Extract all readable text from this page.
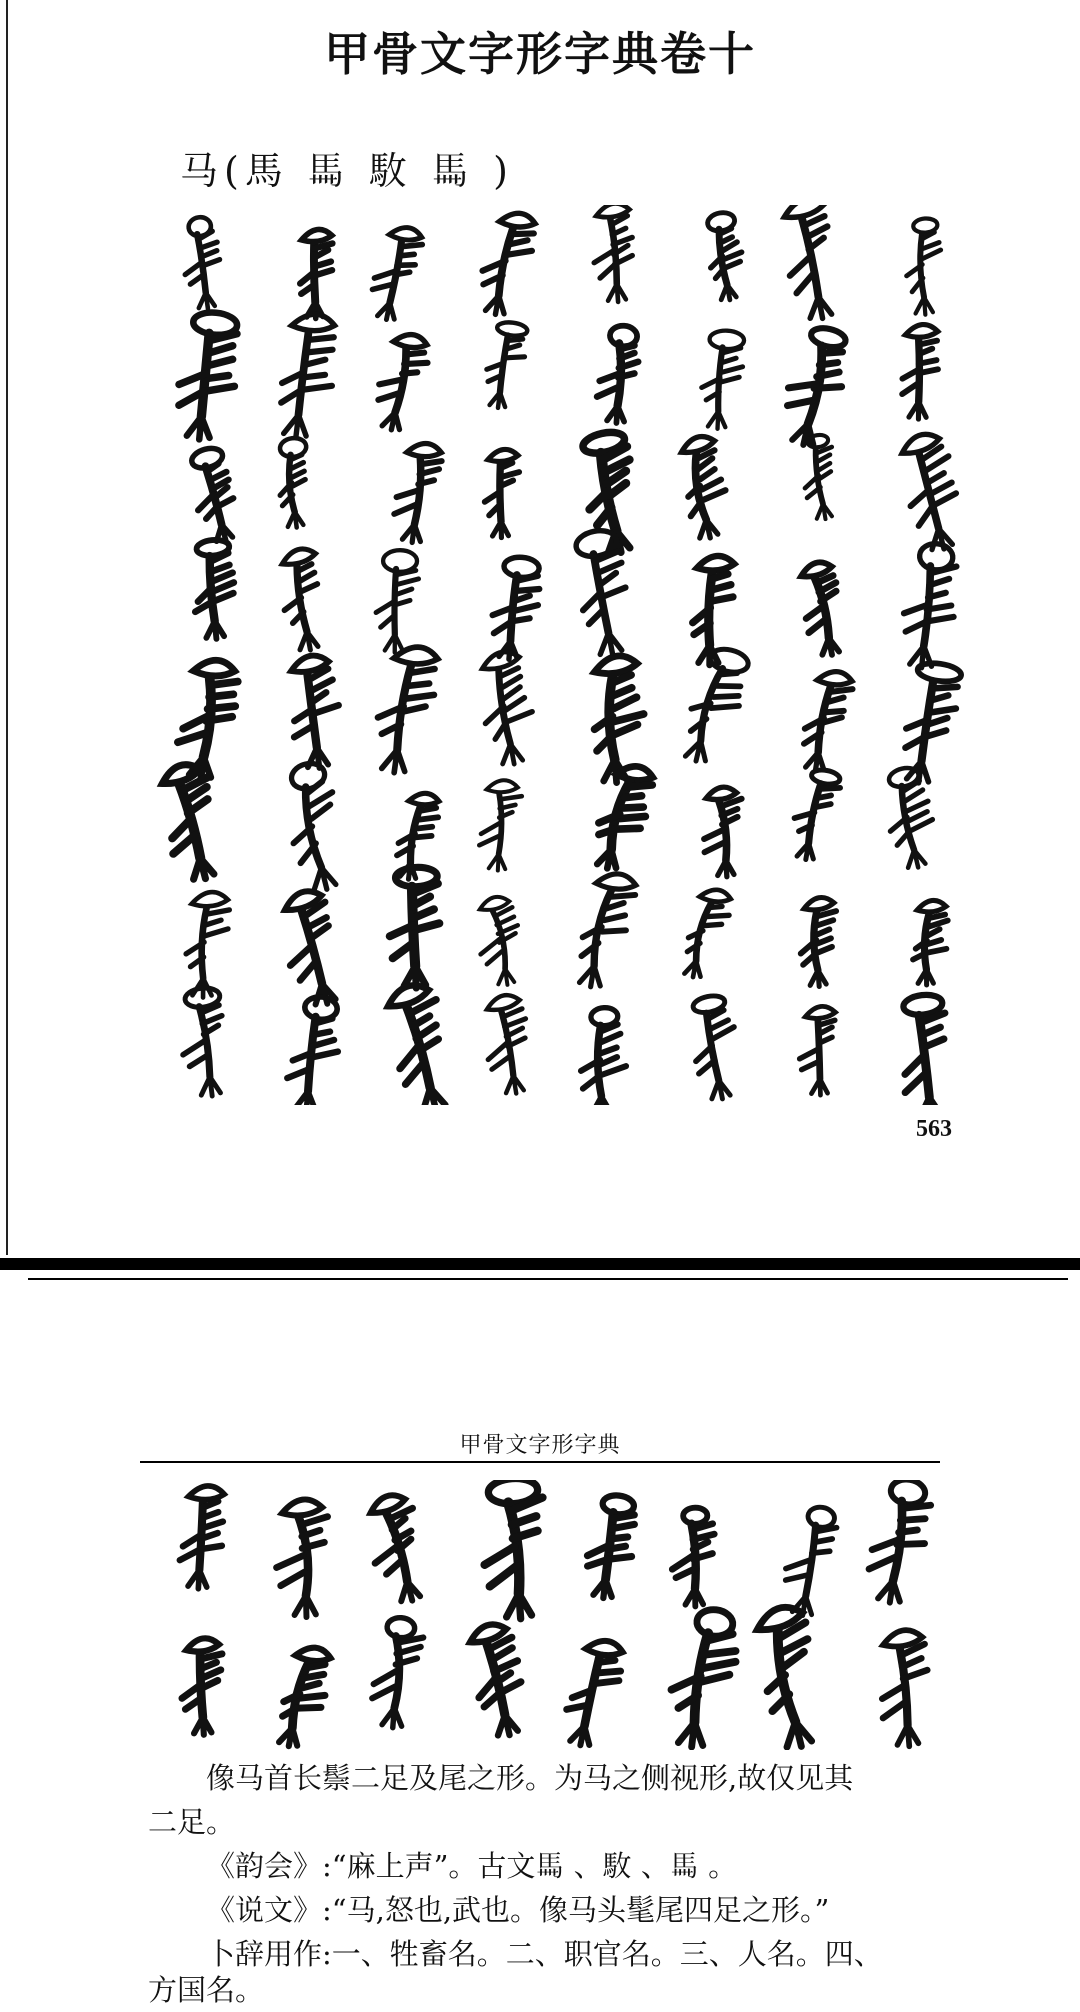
甲骨文字形字典卷十
马(馬 𩡧 駇 𩡧 )
563
甲骨文字形字典
像马首长鬃二足及尾之形。为马之侧视形,故仅见其
二足。
《韵会》:“麻上声”。古文𩡧 、駇 、𩡧 。
《说文》:“马,怒也,武也。像马头髦尾四足之形。”
卜辞用作:一、牲畜名。二、职官名。三、人名。四、
方国名。
